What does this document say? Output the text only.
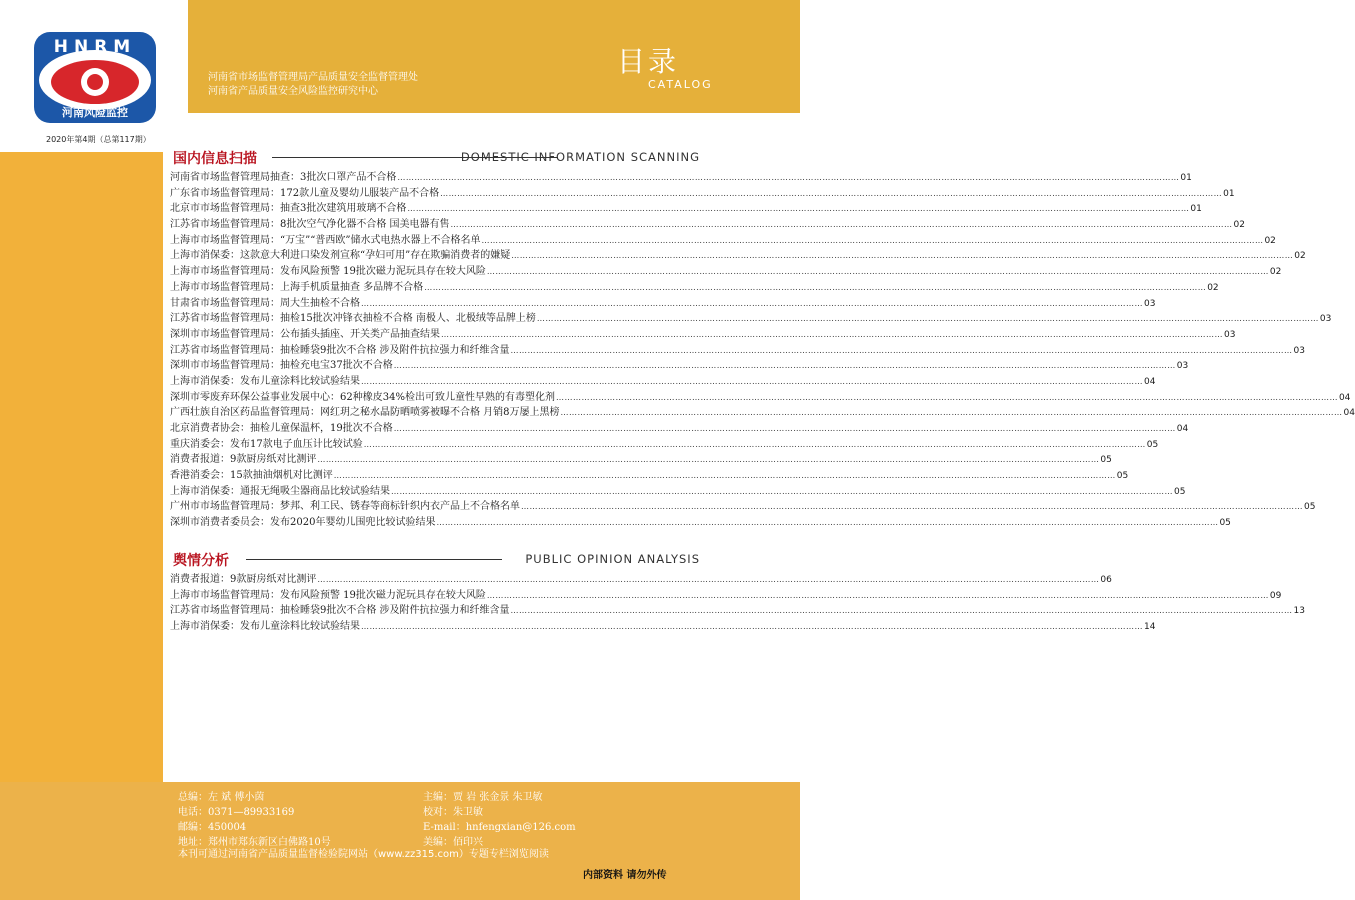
HNRM
河南风险监控
2020年第4期（总第117期）
河南省市场监督管理局产品质量安全监督管理处
河南省产品质量安全风险监控研究中心
目录
CATALOG
国内信息扫描	DOMESTIC INFORMATION SCANNING
河南省市场监督管理局抽查：3批次口罩产品不合格 ……………………………………………………………………………………………………………………………………………………………………………………………………………………………………………………	01
广东省市场监督管理局：172款儿童及婴幼儿服装产品不合格 ……………………………………………………………………………………………………………………………………………………………………………………………………………………………………………………	01
北京市市场监督管理局：抽查3批次建筑用玻璃不合格 ……………………………………………………………………………………………………………………………………………………………………………………………………………………………………………………	01
江苏省市场监督管理局：8批次空气净化器不合格 国美电器有售 ……………………………………………………………………………………………………………………………………………………………………………………………………………………………………………………	02
上海市市场监督管理局：“万宝”“普西欧”储水式电热水器上不合格名单 ……………………………………………………………………………………………………………………………………………………………………………………………………………………………………………………	02
上海市消保委：这款意大利进口染发剂宣称“孕妇可用”存在欺骗消费者的嫌疑 ……………………………………………………………………………………………………………………………………………………………………………………………………………………………………………………	02
上海市市场监督管理局：发布风险预警 19批次磁力泥玩具存在较大风险 ……………………………………………………………………………………………………………………………………………………………………………………………………………………………………………………	02
上海市市场监督管理局：上海手机质量抽查 多品牌不合格 ……………………………………………………………………………………………………………………………………………………………………………………………………………………………………………………	02
甘肃省市场监督管理局：周大生抽检不合格 ……………………………………………………………………………………………………………………………………………………………………………………………………………………………………………………	03
江苏省市场监督管理局：抽检15批次冲锋衣抽检不合格 南极人、北极绒等品牌上榜 ……………………………………………………………………………………………………………………………………………………………………………………………………………………………………………………	03
深圳市市场监督管理局：公布插头插座、开关类产品抽查结果 ……………………………………………………………………………………………………………………………………………………………………………………………………………………………………………………	03
江苏省市场监督管理局：抽检睡袋9批次不合格 涉及附件抗拉强力和纤维含量 ……………………………………………………………………………………………………………………………………………………………………………………………………………………………………………………	03
深圳市市场监督管理局：抽检充电宝37批次不合格 ……………………………………………………………………………………………………………………………………………………………………………………………………………………………………………………	03
上海市消保委：发布儿童涂料比较试验结果 ……………………………………………………………………………………………………………………………………………………………………………………………………………………………………………………	04
深圳市零废弃环保公益事业发展中心：62种橡皮34%检出可致儿童性早熟的有毒塑化剂 ……………………………………………………………………………………………………………………………………………………………………………………………………………………………………………………	04
广西壮族自治区药品监督管理局：网红玥之秘水晶防晒喷雾被曝不合格 月销8万屡上黑榜 ……………………………………………………………………………………………………………………………………………………………………………………………………………………………………………………	04
北京消费者协会：抽检儿童保温杯，19批次不合格 ……………………………………………………………………………………………………………………………………………………………………………………………………………………………………………………	04
重庆消委会：发布17款电子血压计比较试验 ……………………………………………………………………………………………………………………………………………………………………………………………………………………………………………………	05
消费者报道：9款厨房纸对比测评 ……………………………………………………………………………………………………………………………………………………………………………………………………………………………………………………	05
香港消委会：15款抽油烟机对比测评 ……………………………………………………………………………………………………………………………………………………………………………………………………………………………………………………	05
上海市消保委：通报无绳吸尘器商品比较试验结果 ……………………………………………………………………………………………………………………………………………………………………………………………………………………………………………………	05
广州市市场监督管理局：梦邦、利工民、锈春等商标针织内衣产品上不合格名单 ……………………………………………………………………………………………………………………………………………………………………………………………………………………………………………………	05
深圳市消费者委员会：发布2020年婴幼儿围兜比较试验结果 ……………………………………………………………………………………………………………………………………………………………………………………………………………………………………………………	05
舆情分析	PUBLIC OPINION ANALYSIS
消费者报道：9款厨房纸对比测评 ……………………………………………………………………………………………………………………………………………………………………………………………………………………………………………………	06
上海市市场监督管理局：发布风险预警 19批次磁力泥玩具存在较大风险 ……………………………………………………………………………………………………………………………………………………………………………………………………………………………………………………	09
江苏省市场监督管理局：抽检睡袋9批次不合格 涉及附件抗拉强力和纤维含量 ……………………………………………………………………………………………………………………………………………………………………………………………………………………………………………………	13
上海市消保委：发布儿童涂料比较试验结果 ……………………………………………………………………………………………………………………………………………………………………………………………………………………………………………………	14
总编：左 斌 傅小茵	主编：贾 岩 张金景 朱卫敏
电话：0371—89933169	校对：朱卫敏
邮编：450004	E-mail：hnfengxian@126.com
地址：郑州市郑东新区白佛路10号	美编：佰印兴
本刊可通过河南省产品质量监督检验院网站（www.zz315.com）专题专栏浏览阅读
内部资料 请勿外传
